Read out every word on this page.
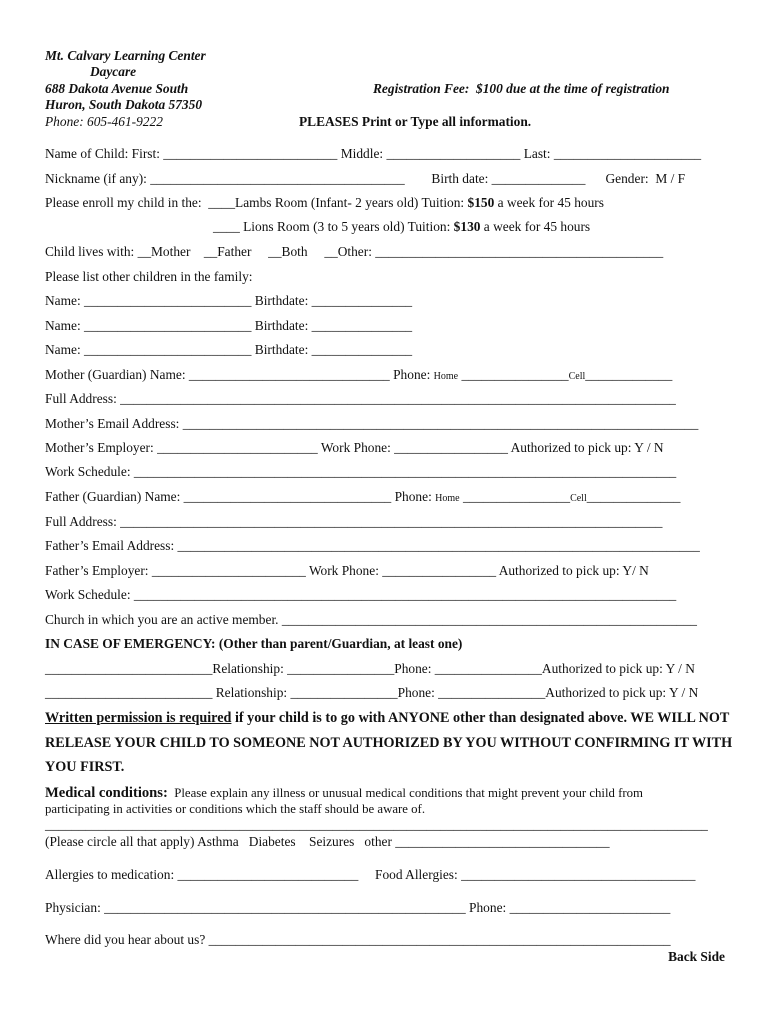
Mt. Calvary Learning Center
Daycare
688 Dakota Avenue South
Huron, South Dakota 57350
Phone: 605-461-9222
Registration Fee:  $100 due at the time of registration
PLEASES Print or Type all information.
Name of Child: First: __________________________ Middle: ____________________ Last: ______________________
Nickname (if any): ______________________________________        Birth date: ______________      Gender:  M / F
Please enroll my child in the:  ____Lambs Room (Infant- 2 years old) Tuition: $150 a week for 45 hours
____ Lions Room (3 to 5 years old) Tuition: $130 a week for 45 hours
Child lives with: __Mother    __Father     __Both     __Other: ___________________________________________
Please list other children in the family:
Name: _________________________ Birthdate: _______________
Name: _________________________ Birthdate: _______________
Name: _________________________ Birthdate: _______________
Mother (Guardian) Name: ______________________________ Phone: Home ________________Cell_____________
Full Address: ___________________________________________________________________________________
Mother’s Email Address: _____________________________________________________________________________
Mother’s Employer: ________________________ Work Phone: _________________ Authorized to pick up: Y / N
Work Schedule: _________________________________________________________________________________
Father (Guardian) Name: _______________________________ Phone: Home ________________Cell______________
Full Address: _________________________________________________________________________________
Father’s Email Address: ______________________________________________________________________________
Father’s Employer: _______________________ Work Phone: _________________ Authorized to pick up: Y/ N
Work Schedule: _________________________________________________________________________________
Church in which you are an active member. ______________________________________________________________
IN CASE OF EMERGENCY: (Other than parent/Guardian, at least one)
_________________________Relationship: ________________Phone: ________________Authorized to pick up: Y / N
_________________________ Relationship: ________________Phone: ________________Authorized to pick up: Y / N
Written permission is required if your child is to go with ANYONE other than designated above. WE WILL NOT
RELEASE YOUR CHILD TO SOMEONE NOT AUTHORIZED BY YOU WITHOUT CONFIRMING IT WITH
YOU FIRST.
Medical conditions:  Please explain any illness or unusual medical conditions that might prevent your child from
participating in activities or conditions which the staff should be aware of.
___________________________________________________________________________________________________
(Please circle all that apply) Asthma   Diabetes    Seizures   other ________________________________
Allergies to medication: ___________________________     Food Allergies: ___________________________________
Physician: ______________________________________________________ Phone: ________________________
Where did you hear about us? _____________________________________________________________________
Back Side
